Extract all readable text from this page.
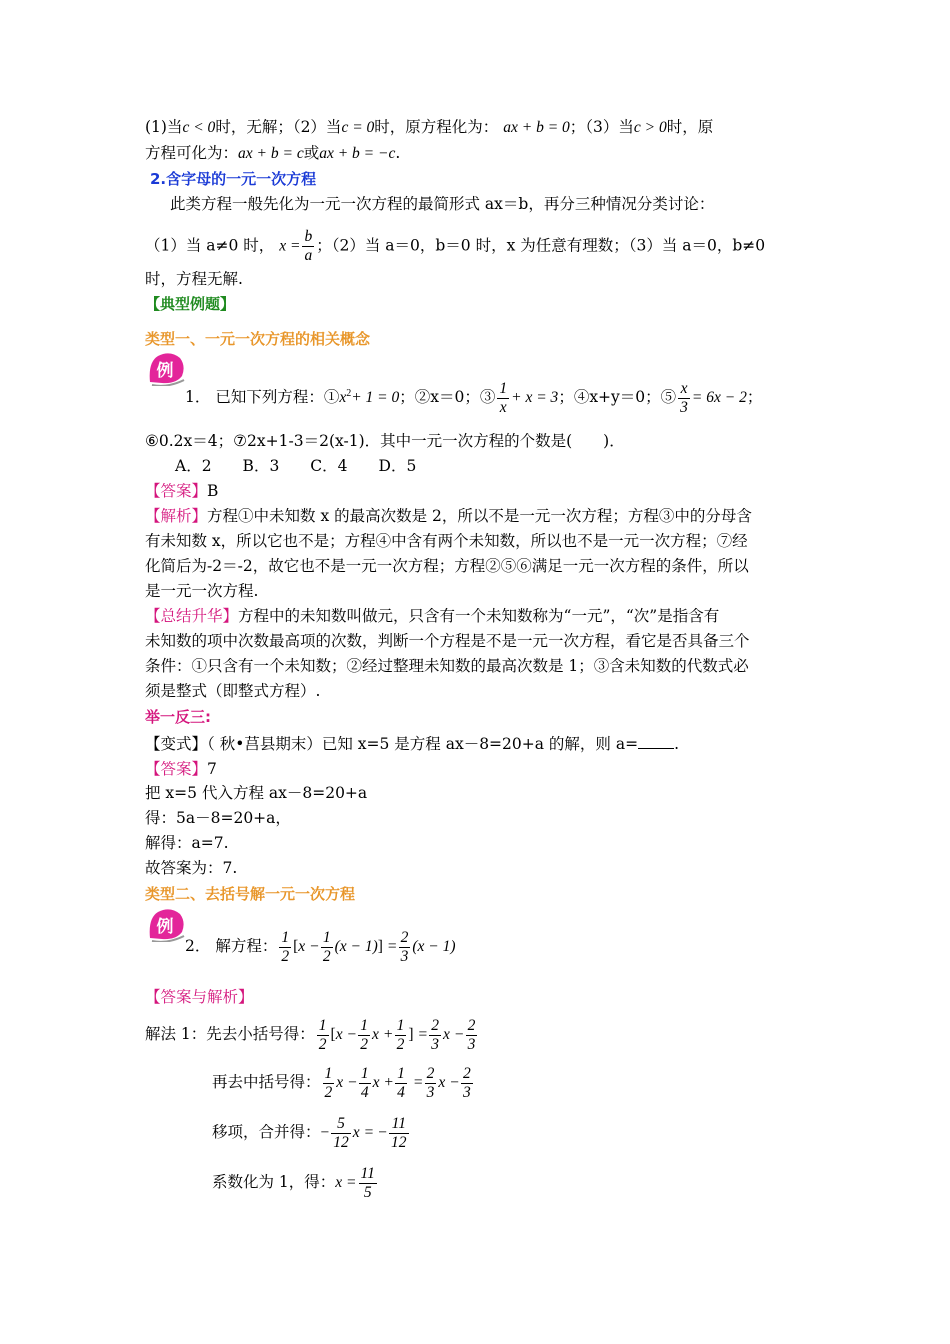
(1)当c < 0时，无解；（2）当c = 0时，原方程化为： ax + b = 0；（3）当c > 0时，原
方程可化为：ax + b = c或ax + b = −c.
2.含字母的一元一次方程
此类方程一般先化为一元一次方程的最简形式 ax＝b，再分三种情况分类讨论：
（1）当 a≠0 时， $x = \frac{b}{a}$ ；（2）当 a＝0，b＝0 时，x 为任意有理数；（3）当 a＝0，b≠0
时，方程无解.
【典型例题】
类型一、一元一次方程的相关概念
例
1． 已知下列方程：$①x^2+ 1 = 0$；②x＝0；③ $\frac{1}{x} + x = 3$；④x+y＝0；⑤ $\frac{x}{3} = 6x - 2$；
⑥0.2x＝4；⑦2x+1-3＝2(x-1)．其中一元一次方程的个数是(　　)．
A．2　　B．3　　C．4　　D．5
【答案】B
【解析】方程①中未知数 x 的最高次数是 2，所以不是一元一次方程；方程③中的分母含
有未知数 x，所以它也不是；方程④中含有两个未知数，所以也不是一元一次方程；⑦经
化简后为-2＝-2，故它也不是一元一次方程；方程②⑤⑥满足一元一次方程的条件，所以
是一元一次方程.
【总结升华】方程中的未知数叫做元，只含有一个未知数称为“一元”，“次”是指含有
未知数的项中次数最高项的次数，判断一个方程是不是一元一次方程，看它是否具备三个
条件：①只含有一个未知数；②经过整理未知数的最高次数是 1；③含未知数的代数式必
须是整式（即整式方程）.
举一反三:
【变式】（ 秋•莒县期末）已知 x=5 是方程 ax－8=20+a 的解，则 a= .
【答案】7
把 x=5 代入方程 ax－8=20+a
得：5a－8=20+a，
解得：a=7.
故答案为：7.
类型二、去括号解一元一次方程
例
2． 解方程： $\frac{1}{2} [x - \frac{1}{2} (x - 1)] = \frac{2}{3} (x - 1)$
【答案与解析】
解法 1：先去小括号得： $\frac{1}{2} [x - \frac{1}{2}$ $x + \frac{1}{2}$ ] = $\frac{2}{3}$ $x - \frac{2}{3}$
再去中括号得： $\frac{1}{2}$ $x - \frac{1}{4}$ $x + \frac{1}{4} = \frac{2}{3}$ $x - \frac{2}{3}$
移项，合并得：− $\frac{5}{12}$ x = − $\frac{11}{12}$
系数化为 1，得：$x = \frac{11}{5}$
